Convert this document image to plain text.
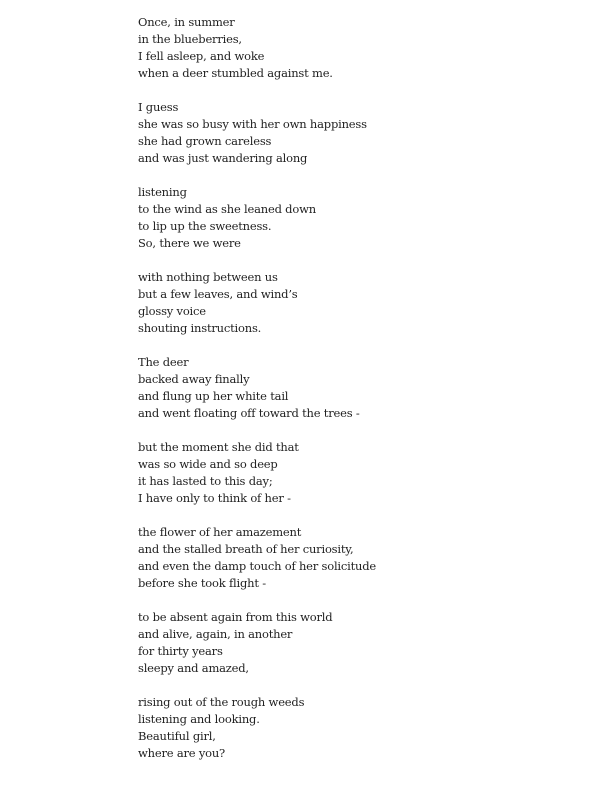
Once, in summer
in the blueberries,
I fell asleep, and woke
when a deer stumbled against me.
I guess
she was so busy with her own happiness
she had grown careless
and was just wandering along
listening
to the wind as she leaned down
to lip up the sweetness.
So, there we were
with nothing between us
but a few leaves, and wind’s
glossy voice
shouting instructions.
The deer
backed away finally
and flung up her white tail
and went floating off toward the trees -
but the moment she did that
was so wide and so deep
it has lasted to this day;
I have only to think of her -
the flower of her amazement
and the stalled breath of her curiosity,
and even the damp touch of her solicitude
before she took flight -
to be absent again from this world
and alive, again, in another
for thirty years
sleepy and amazed,
rising out of the rough weeds
listening and looking.
Beautiful girl,
where are you?
